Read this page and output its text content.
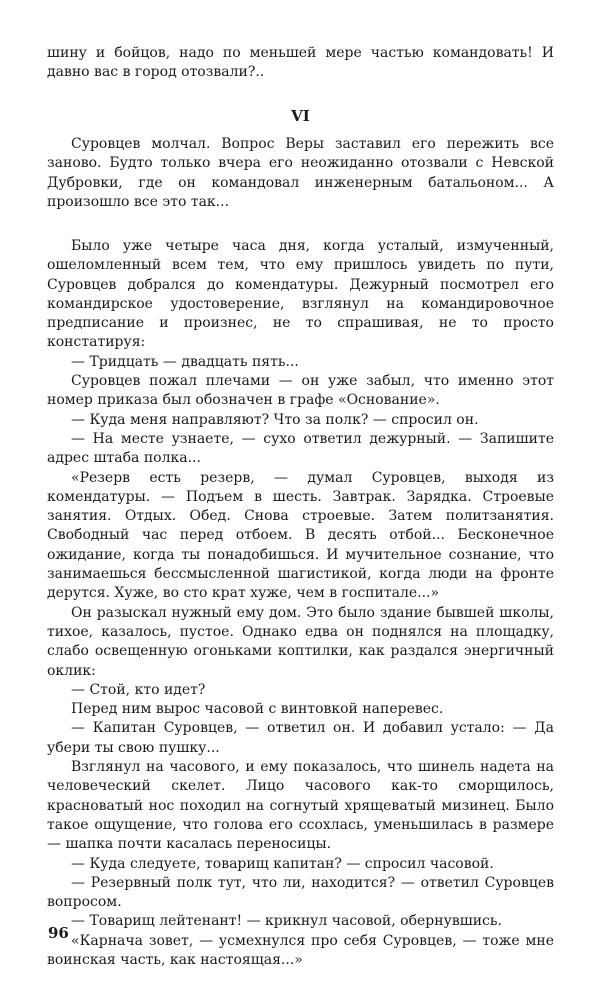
шину и бойцов, надо по меньшей мере частью командовать! И давно вас в город отозвали?..

VI

Суровцев молчал. Вопрос Веры заставил его пережить все заново. Будто только вчера его неожиданно отозвали с Невской Дубровки, где он командовал инженерным батальоном... А произошло все это так...

Было уже четыре часа дня, когда усталый, измученный, ошеломленный всем тем, что ему пришлось увидеть по пути, Суровцев добрался до комендатуры. Дежурный посмотрел его командирское удостоверение, взглянул на командировочное предписание и произнес, не то спрашивая, не то просто констатируя:

— Тридцать — двадцать пять...

Суровцев пожал плечами — он уже забыл, что именно этот номер приказа был обозначен в графе «Основание».

— Куда меня направляют? Что за полк? — спросил он.

— На месте узнаете, — сухо ответил дежурный. — Запишите адрес штаба полка...

«Резерв есть резерв, — думал Суровцев, выходя из комендатуры. — Подъем в шесть. Завтрак. Зарядка. Строевые занятия. Отдых. Обед. Снова строевые. Затем политзанятия. Свободный час перед отбоем. В десять отбой... Бесконечное ожидание, когда ты понадобишься. И мучительное сознание, что занимаешься бессмысленной шагистикой, когда люди на фронте дерутся. Хуже, во сто крат хуже, чем в госпитале...»

Он разыскал нужный ему дом. Это было здание бывшей школы, тихое, казалось, пустое. Однако едва он поднялся на площадку, слабо освещенную огоньками коптилки, как раздался энергичный оклик:

— Стой, кто идет?

Перед ним вырос часовой с винтовкой наперевес.

— Капитан Суровцев, — ответил он. И добавил устало: — Да убери ты свою пушку...

Взглянул на часового, и ему показалось, что шинель надета на человеческий скелет. Лицо часового как-то сморщилось, красноватый нос походил на согнутый хрящеватый мизинец. Было такое ощущение, что голова его ссохлась, уменьшилась в размере — шапка почти касалась переносицы.

— Куда следуете, товарищ капитан? — спросил часовой.

— Резервный полк тут, что ли, находится? — ответил Суровцев вопросом.

— Товарищ лейтенант! — крикнул часовой, обернувшись.

«Карнача зовет, — усмехнулся про себя Суровцев, — тоже мне воинская часть, как настоящая...»

96
